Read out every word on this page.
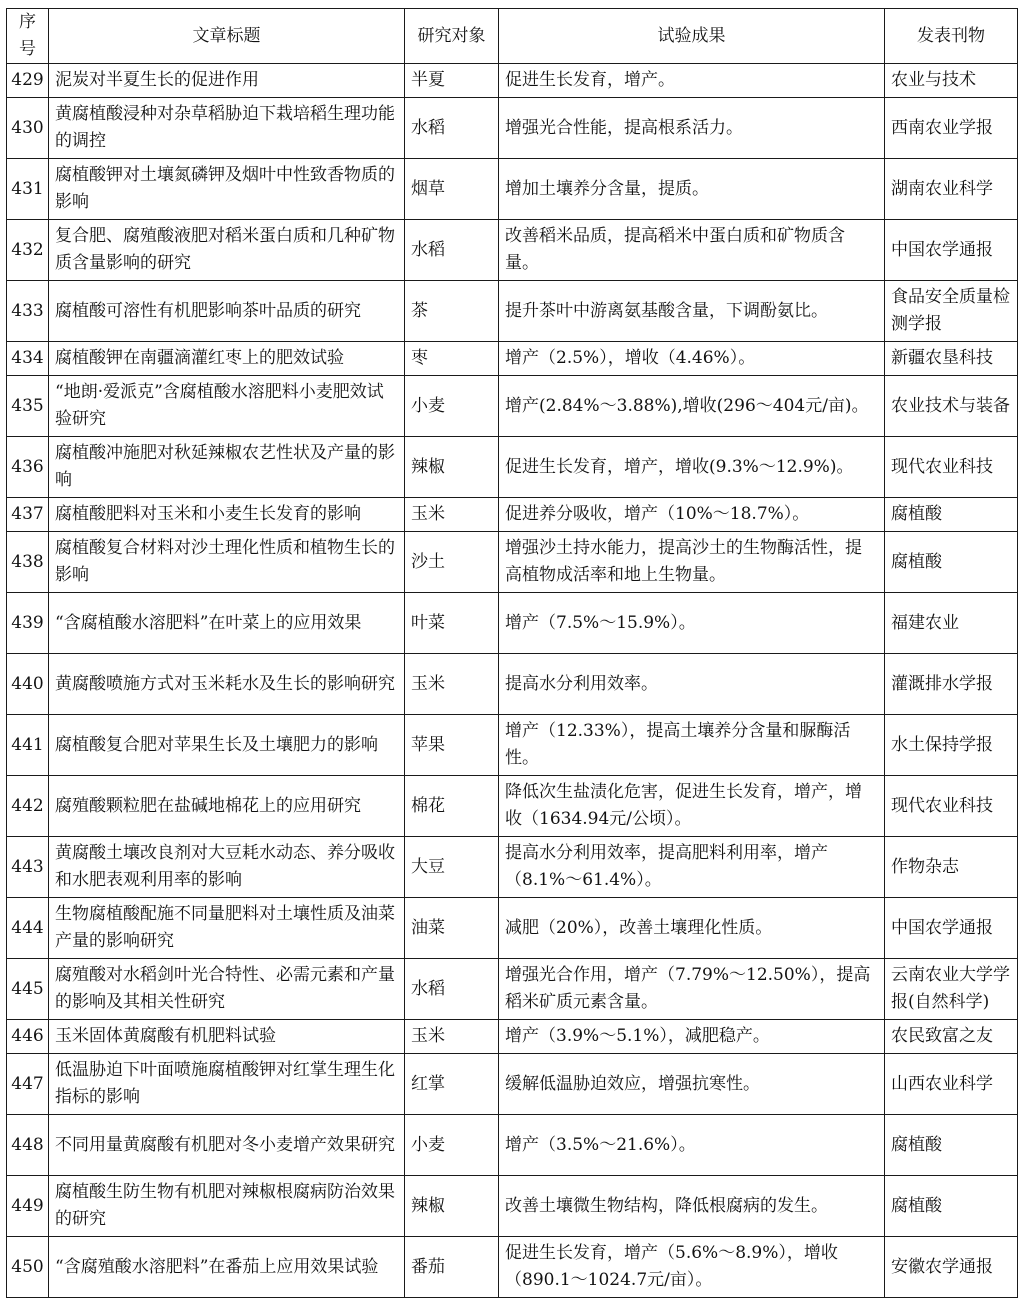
序号	文章标题	研究对象	试验成果	发表刊物
429	泥炭对半夏生长的促进作用	半夏	促进生长发育，增产。	农业与技术
430	黄腐植酸浸种对杂草稻胁迫下栽培稻生理功能的调控	水稻	增强光合性能，提高根系活力。	西南农业学报
431	腐植酸钾对土壤氮磷钾及烟叶中性致香物质的影响	烟草	增加土壤养分含量，提质。	湖南农业科学
432	复合肥、腐殖酸液肥对稻米蛋白质和几种矿物质含量影响的研究	水稻	改善稻米品质，提高稻米中蛋白质和矿物质含量。	中国农学通报
433	腐植酸可溶性有机肥影响茶叶品质的研究	茶	提升茶叶中游离氨基酸含量，下调酚氨比。	食品安全质量检测学报
434	腐植酸钾在南疆滴灌红枣上的肥效试验	枣	增产（2.5%），增收（4.46%）。	新疆农垦科技
435	“地朗·爱派克”含腐植酸水溶肥料小麦肥效试验研究	小麦	增产(2.84%～3.88%),增收(296～404元/亩)。	农业技术与装备
436	腐植酸冲施肥对秋延辣椒农艺性状及产量的影响	辣椒	促进生长发育，增产，增收(9.3%～12.9%)。	现代农业科技
437	腐植酸肥料对玉米和小麦生长发育的影响	玉米	促进养分吸收，增产（10%～18.7%）。	腐植酸
438	腐植酸复合材料对沙土理化性质和植物生长的影响	沙土	增强沙土持水能力，提高沙土的生物酶活性，提高植物成活率和地上生物量。	腐植酸
439	“含腐植酸水溶肥料”在叶菜上的应用效果	叶菜	增产（7.5%～15.9%）。	福建农业
440	黄腐酸喷施方式对玉米耗水及生长的影响研究	玉米	提高水分利用效率。	灌溉排水学报
441	腐植酸复合肥对苹果生长及土壤肥力的影响	苹果	增产（12.33%），提高土壤养分含量和脲酶活性。	水土保持学报
442	腐殖酸颗粒肥在盐碱地棉花上的应用研究	棉花	降低次生盐渍化危害，促进生长发育，增产，增收（1634.94元/公顷）。	现代农业科技
443	黄腐酸土壤改良剂对大豆耗水动态、养分吸收和水肥表观利用率的影响	大豆	提高水分利用效率，提高肥料利用率，增产（8.1%～61.4%）。	作物杂志
444	生物腐植酸配施不同量肥料对土壤性质及油菜产量的影响研究	油菜	减肥（20%），改善土壤理化性质。	中国农学通报
445	腐殖酸对水稻剑叶光合特性、必需元素和产量的影响及其相关性研究	水稻	增强光合作用，增产（7.79%～12.50%），提高稻米矿质元素含量。	云南农业大学学报(自然科学)
446	玉米固体黄腐酸有机肥料试验	玉米	增产（3.9%～5.1%），减肥稳产。	农民致富之友
447	低温胁迫下叶面喷施腐植酸钾对红掌生理生化指标的影响	红掌	缓解低温胁迫效应，增强抗寒性。	山西农业科学
448	不同用量黄腐酸有机肥对冬小麦增产效果研究	小麦	增产（3.5%～21.6%）。	腐植酸
449	腐植酸生防生物有机肥对辣椒根腐病防治效果的研究	辣椒	改善土壤微生物结构，降低根腐病的发生。	腐植酸
450	“含腐殖酸水溶肥料”在番茄上应用效果试验	番茄	促进生长发育，增产（5.6%～8.9%），增收（890.1～1024.7元/亩）。	安徽农学通报
